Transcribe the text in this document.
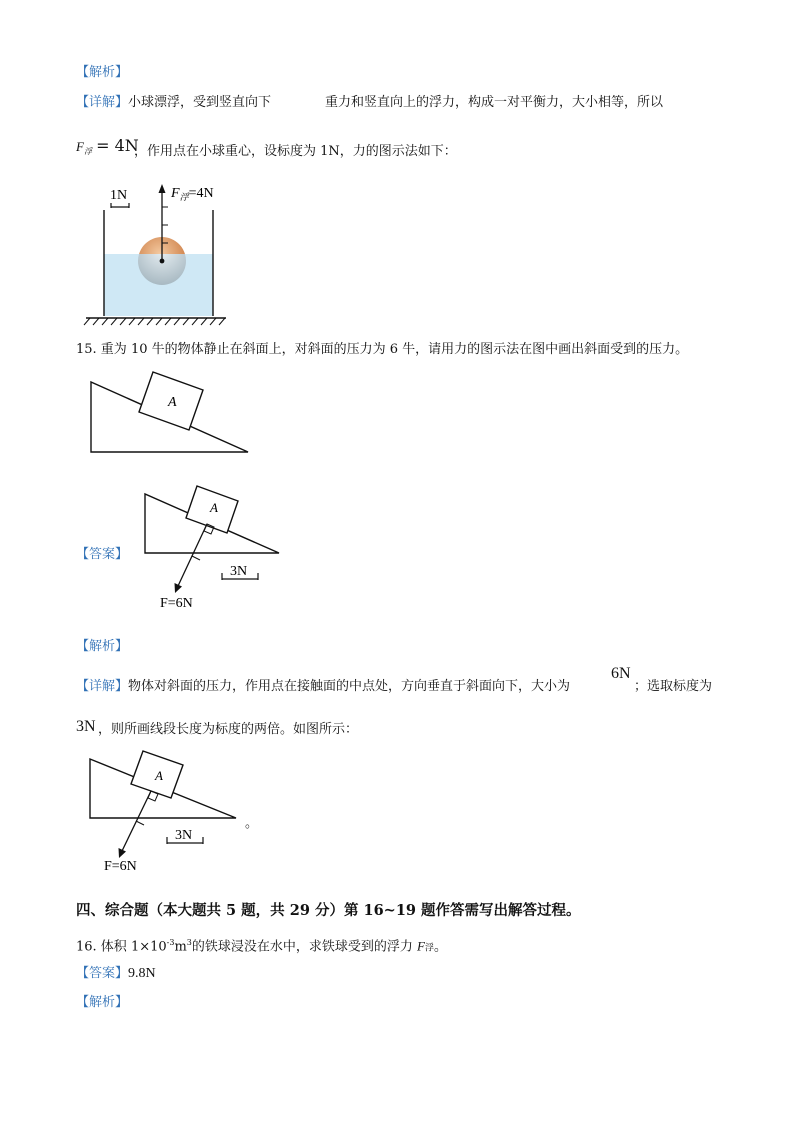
【解析】
【详解】小球漂浮，受到竖直向下	重力和竖直向上的浮力，构成一对平衡力，大小相等，所以
$F_浮 = 4N$
，作用点在小球重心，设标度为 1N，力的图示法如下：
1N	$F_浮=4N$
15. 重为 10 牛的物体静止在斜面上，对斜面的压力为 6 牛，请用力的图示法在图中画出斜面受到的压力。
A
【答案】
A
3N
F=6N
【解析】
【详解】物体对斜面的压力，作用点在接触面的中点处，方向垂直于斜面向下，大小为
6N
；选取标度为
3N ，则所画线段长度为标度的两倍。如图所示：
A
3N
F=6N
。
四、综合题（本大题共 5 题，共 29 分）第 16~19 题作答需写出解答过程。
16. 体积 $1\times 10^{-3}m^3$的铁球浸没在水中，求铁球受到的浮力 F浮。
【答案】9.8N
【解析】
